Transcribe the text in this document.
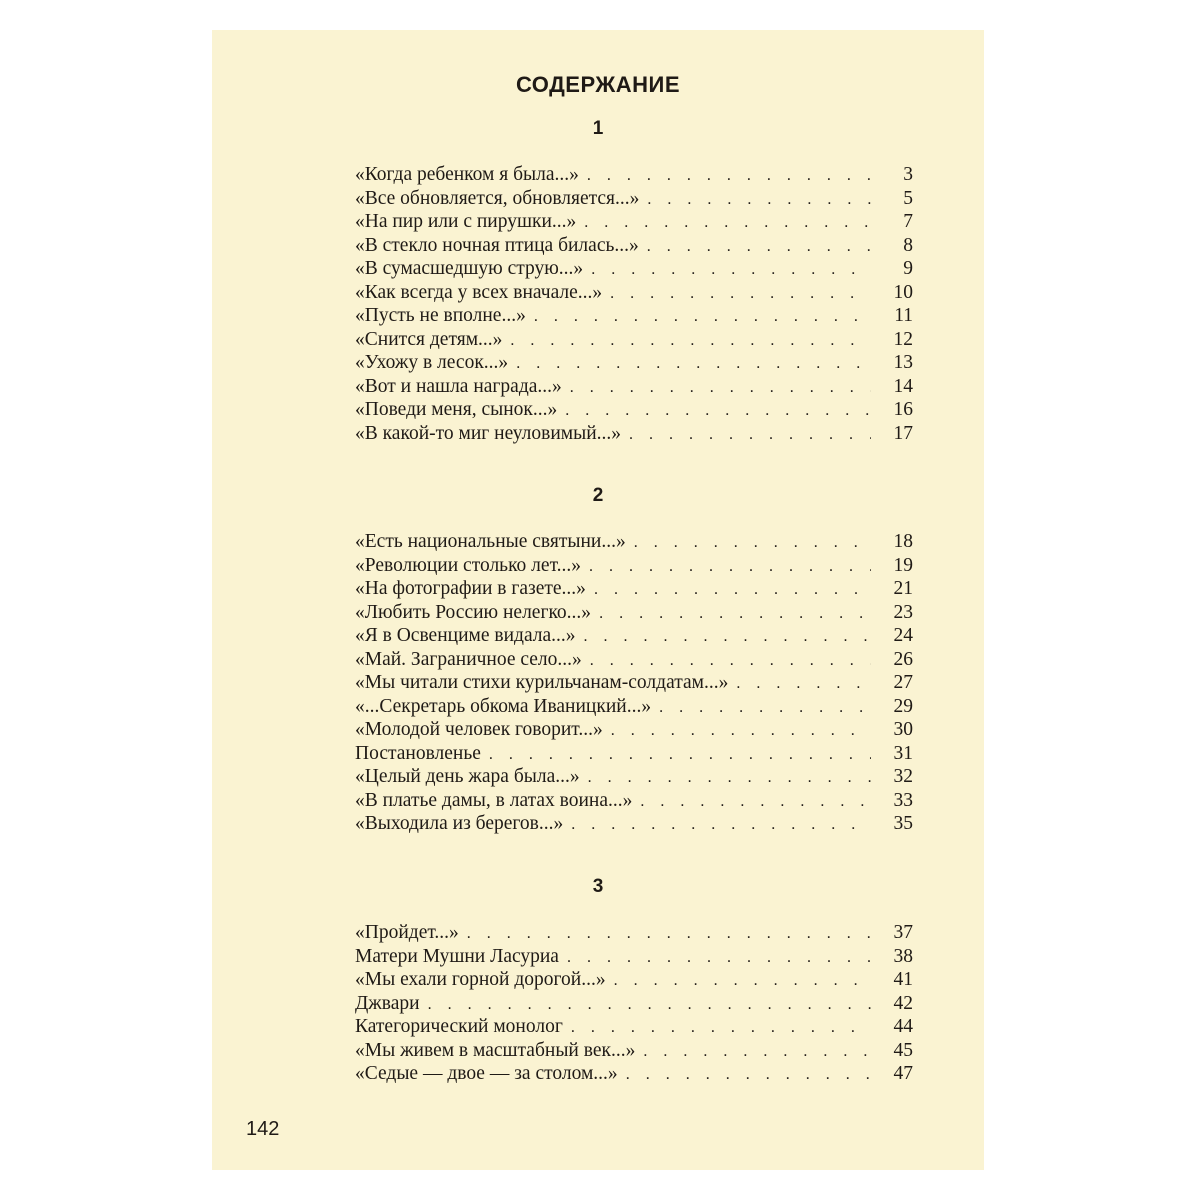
СОДЕРЖАНИЕ
1
«Когда ребенком я была...» . . .	3
«Все обновляется, обновляется...» . . .	5
«На пир или с пирушки...» . . .	7
«В стекло ночная птица билась...» . . .	8
«В сумасшедшую струю...» . . .	9
«Как всегда у всех вначале...» . . .	10
«Пусть не вполне...» . . .	11
«Снится детям...» . . .	12
«Ухожу в лесок...» . . .	13
«Вот и нашла награда...» . . .	14
«Поведи меня, сынок...» . . .	16
«В какой-то миг неуловимый...» . . .	17
2
«Есть национальные святыни...» . . .	18
«Революции столько лет...» . . .	19
«На фотографии в газете...» . . .	21
«Любить Россию нелегко...» . . .	23
«Я в Освенциме видала...» . . .	24
«Май. Заграничное село...» . . .	26
«Мы читали стихи курильчанам-солдатам...» . . .	27
«...Секретарь обкома Иваницкий...» . . .	29
«Молодой человек говорит...» . . .	30
Постановленье . . .	31
«Целый день жара была...» . . .	32
«В платье дамы, в латах воина...» . . .	33
«Выходила из берегов...» . . .	35
3
«Пройдет...» . . .	37
Матери Мушни Ласуриа . . .	38
«Мы ехали горной дорогой...» . . .	41
Джвари . . .	42
Категорический монолог . . .	44
«Мы живем в масштабный век...» . . .	45
«Седые — двое — за столом...» . . .	47
142
